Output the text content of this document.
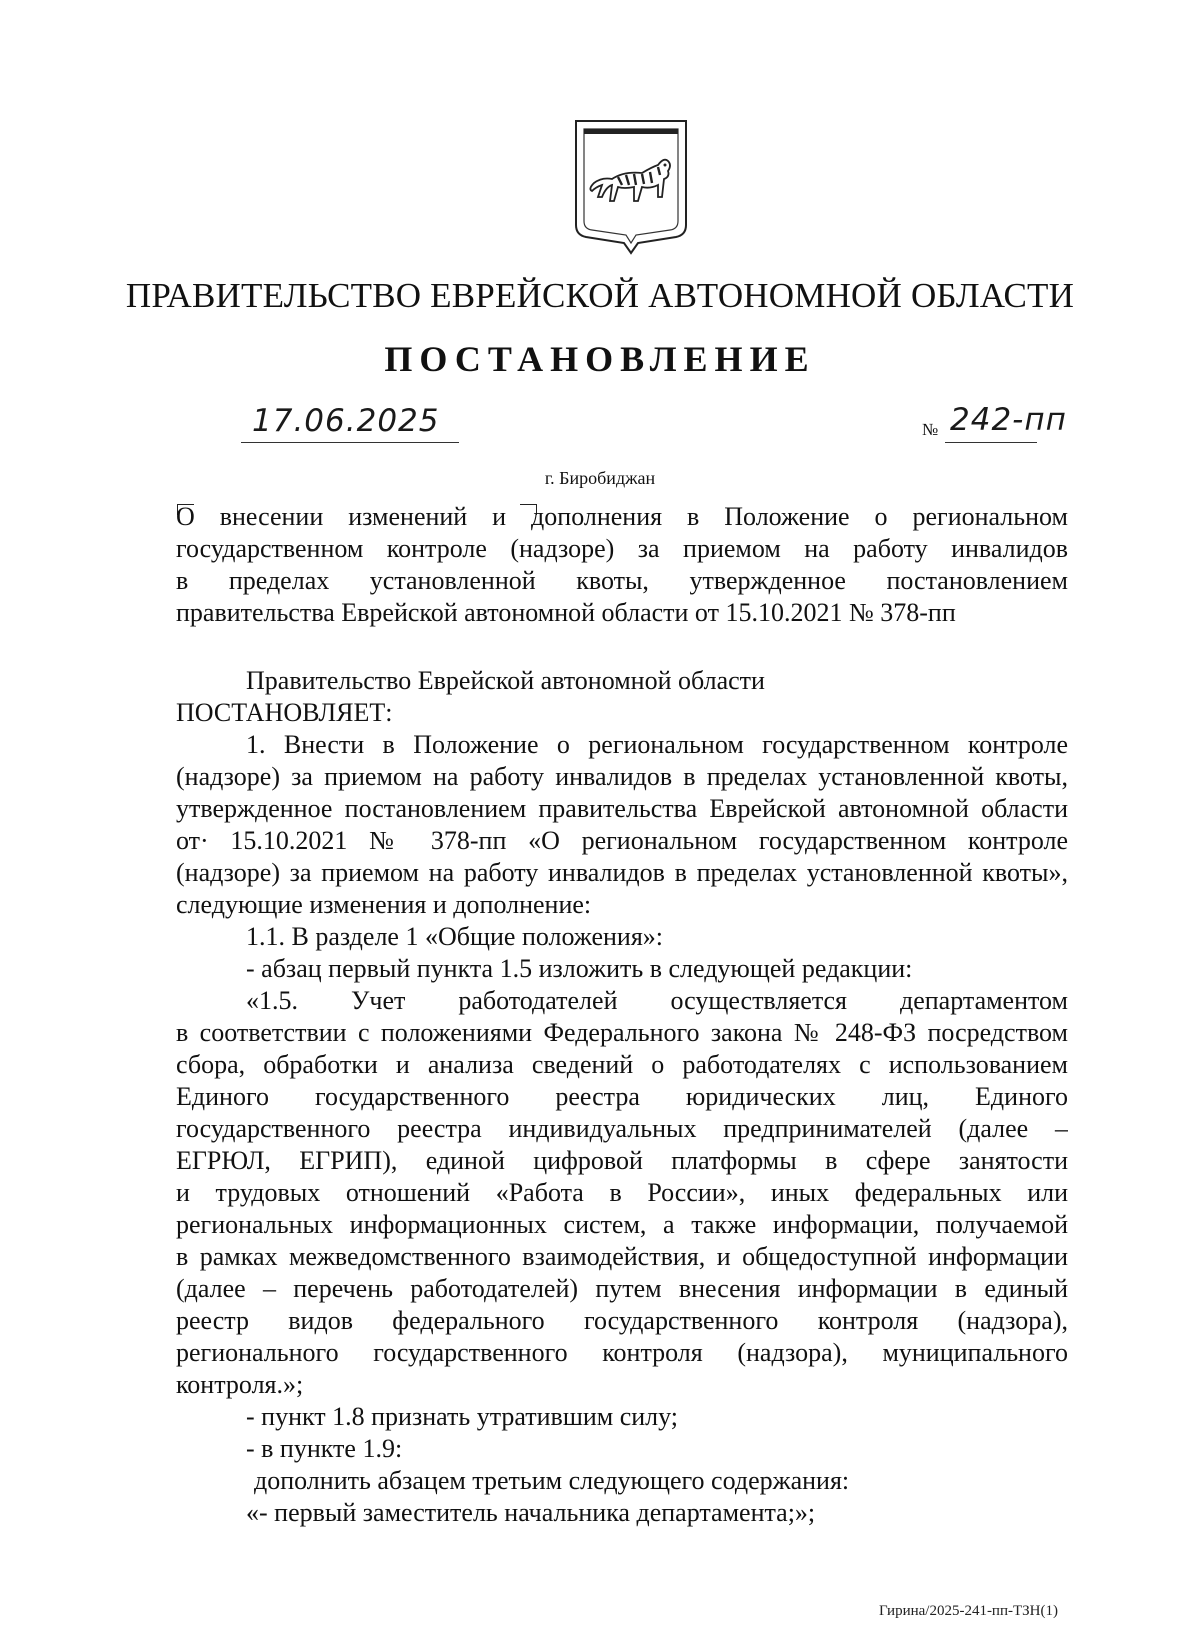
ПРАВИТЕЛЬСТВО ЕВРЕЙСКОЙ АВТОНОМНОЙ ОБЛАСТИ
ПОСТАНОВЛЕНИЕ
17.06.2025	№ 242-пп
г. Биробиджан
О внесении изменений и дополнения в Положение о региональном
государственном контроле (надзоре) за приемом на работу инвалидов
в пределах установленной квоты, утвержденное постановлением
правительства Еврейской автономной области от 15.10.2021 № 378-пп
Правительство Еврейской автономной области
ПОСТАНОВЛЯЕТ:
1. Внести в Положение о региональном государственном контроле
(надзоре) за приемом на работу инвалидов в пределах установленной квоты,
утвержденное постановлением правительства Еврейской автономной области
от· 15.10.2021 № 378-пп «О региональном государственном контроле
(надзоре) за приемом на работу инвалидов в пределах установленной квоты»,
следующие изменения и дополнение:
1.1. В разделе 1 «Общие положения»:
- абзац первый пункта 1.5 изложить в следующей редакции:
«1.5. Учет работодателей осуществляется департаментом
в соответствии с положениями Федерального закона № 248-ФЗ посредством
сбора, обработки и анализа сведений о работодателях с использованием
Единого государственного реестра юридических лиц, Единого
государственного реестра индивидуальных предпринимателей (далее –
ЕГРЮЛ, ЕГРИП), единой цифровой платформы в сфере занятости
и трудовых отношений «Работа в России», иных федеральных или
региональных информационных систем, а также информации, получаемой
в рамках межведомственного взаимодействия, и общедоступной информации
(далее – перечень работодателей) путем внесения информации в единый
реестр видов федерального государственного контроля (надзора),
регионального государственного контроля (надзора), муниципального
контроля.»;
- пункт 1.8 признать утратившим силу;
- в пункте 1.9:
дополнить абзацем третьим следующего содержания:
«- первый заместитель начальника департамента;»;
Гирина/2025-241-пп-ТЗН(1)
